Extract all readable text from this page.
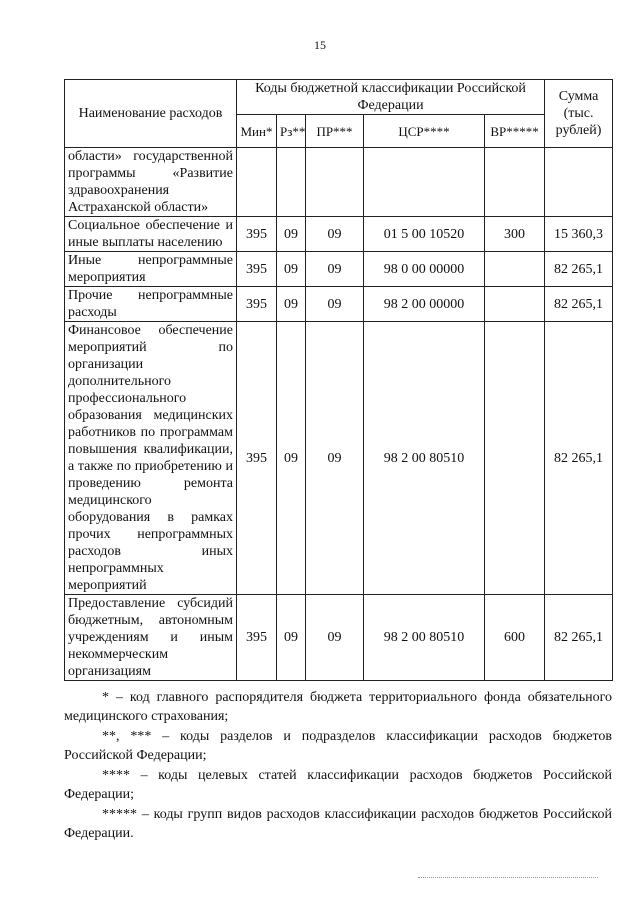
15
Наименование расходов	Коды бюджетной классификации Российской Федерации					Сумма (тыс. рублей)
	Мин*	Рз**	ПР***	ЦСР****	ВР*****	
области» государственной программы «Развитие здравоохранения Астраханской области»						
Социальное обеспечение и иные выплаты населению	395	09	09	01 5 00 10520	300	15 360,3
Иные непрограммные мероприятия	395	09	09	98 0 00 00000		82 265,1
Прочие непрограммные расходы	395	09	09	98 2 00 00000		82 265,1
Финансовое обеспечение мероприятий по организации дополнительного профессионального образования медицинских работников по программам повышения квалификации, а также по приобретению и проведению ремонта медицинского оборудования в рамках прочих непрограммных расходов иных непрограммных мероприятий	395	09	09	98 2 00 80510		82 265,1
Предоставление субсидий бюджетным, автономным учреждениям и иным некоммерческим организациям	395	09	09	98 2 00 80510	600	82 265,1

* – код главного распорядителя бюджета территориального фонда обязательного медицинского страхования;

**, *** – коды разделов и подразделов классификации расходов бюджетов Российской Федерации;

**** – коды целевых статей классификации расходов бюджетов Российской Федерации;

***** – коды групп видов расходов классификации расходов бюджетов Российской Федерации.
